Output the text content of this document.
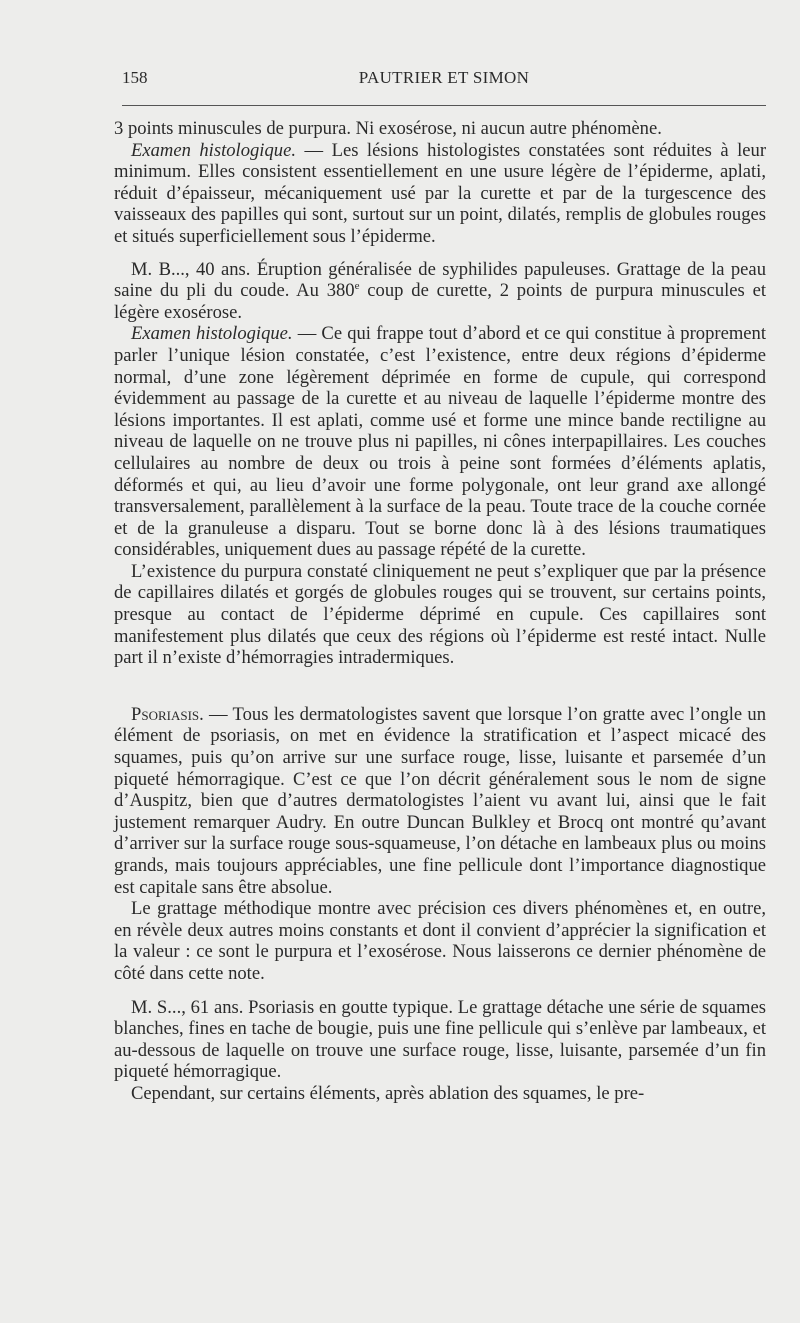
158	PAUTRIER ET SIMON

3 points minuscules de purpura. Ni exosérose, ni aucun autre phénomène.

Examen histologique. — Les lésions histologistes constatées sont réduites à leur minimum. Elles consistent essentiellement en une usure légère de l’épiderme, aplati, réduit d’épaisseur, mécaniquement usé par la curette et par de la turgescence des vaisseaux des papilles qui sont, surtout sur un point, dilatés, remplis de globules rouges et situés superficiellement sous l’épiderme.

M. B..., 40 ans. Éruption généralisée de syphilides papuleuses. Grattage de la peau saine du pli du coude. Au 380e coup de curette, 2 points de purpura minuscules et légère exosérose.

Examen histologique. — Ce qui frappe tout d’abord et ce qui constitue à proprement parler l’unique lésion constatée, c’est l’existence, entre deux régions d’épiderme normal, d’une zone légèrement déprimée en forme de cupule, qui correspond évidemment au passage de la curette et au niveau de laquelle l’épiderme montre des lésions importantes. Il est aplati, comme usé et forme une mince bande rectiligne au niveau de laquelle on ne trouve plus ni papilles, ni cônes interpapillaires. Les couches cellulaires au nombre de deux ou trois à peine sont formées d’éléments aplatis, déformés et qui, au lieu d’avoir une forme polygonale, ont leur grand axe allongé transversalement, parallèlement à la surface de la peau. Toute trace de la couche cornée et de la granuleuse a disparu. Tout se borne donc là à des lésions traumatiques considérables, uniquement dues au passage répété de la curette.

L’existence du purpura constaté cliniquement ne peut s’expliquer que par la présence de capillaires dilatés et gorgés de globules rouges qui se trouvent, sur certains points, presque au contact de l’épiderme déprimé en cupule. Ces capillaires sont manifestement plus dilatés que ceux des régions où l’épiderme est resté intact. Nulle part il n’existe d’hémorragies intradermiques.

Psoriasis. — Tous les dermatologistes savent que lorsque l’on gratte avec l’ongle un élément de psoriasis, on met en évidence la stratification et l’aspect micacé des squames, puis qu’on arrive sur une surface rouge, lisse, luisante et parsemée d’un piqueté hémorragique. C’est ce que l’on décrit généralement sous le nom de signe d’Auspitz, bien que d’autres dermatologistes l’aient vu avant lui, ainsi que le fait justement remarquer Audry. En outre Duncan Bulkley et Brocq ont montré qu’avant d’arriver sur la surface rouge sous-squameuse, l’on détache en lambeaux plus ou moins grands, mais toujours appréciables, une fine pellicule dont l’importance diagnostique est capitale sans être absolue.

Le grattage méthodique montre avec précision ces divers phénomènes et, en outre, en révèle deux autres moins constants et dont il convient d’apprécier la signification et la valeur : ce sont le purpura et l’exosérose. Nous laisserons ce dernier phénomène de côté dans cette note.

M. S..., 61 ans. Psoriasis en goutte typique. Le grattage détache une série de squames blanches, fines en tache de bougie, puis une fine pellicule qui s’enlève par lambeaux, et au-dessous de laquelle on trouve une surface rouge, lisse, luisante, parsemée d’un fin piqueté hémorragique.

Cependant, sur certains éléments, après ablation des squames, le pre-
